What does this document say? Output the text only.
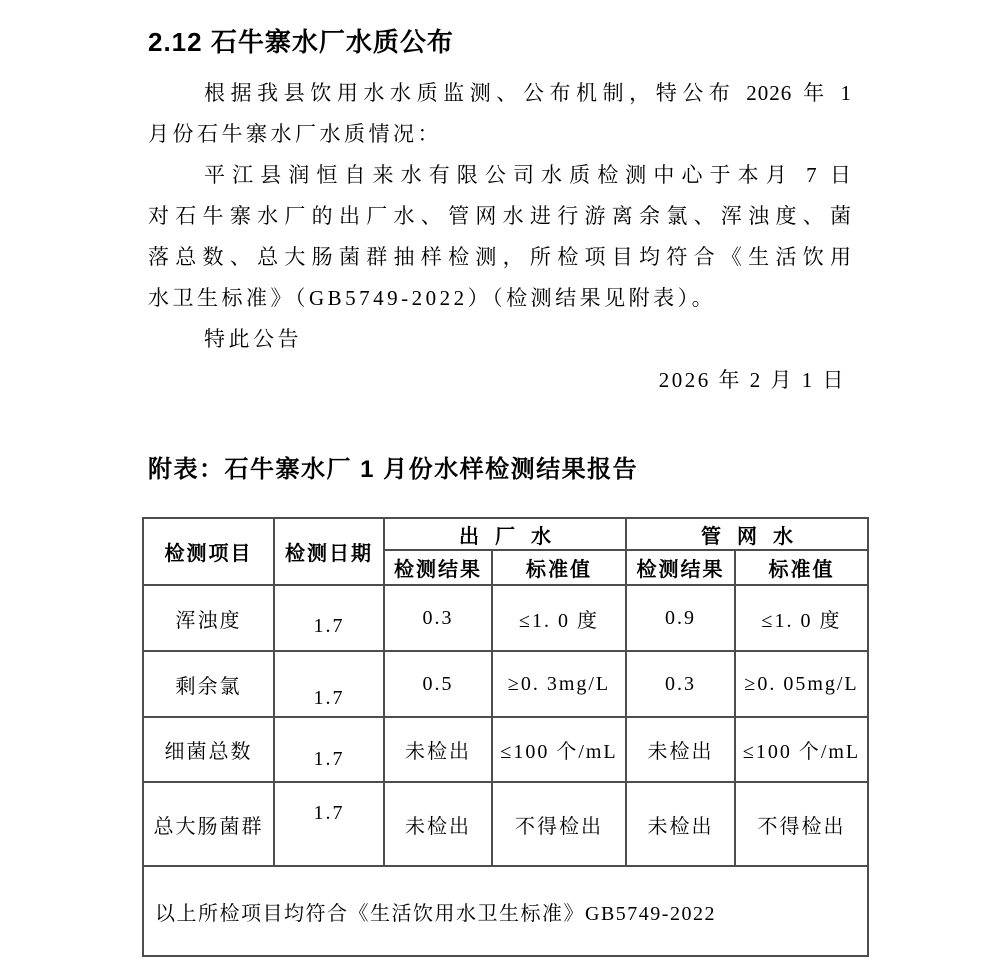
2.12 石牛寨水厂水质公布
根据我县饮用水水质监测、公布机制，特公布 2026 年 1
月份石牛寨水厂水质情况：
平江县润恒自来水有限公司水质检测中心于本月 7 日
对石牛寨水厂的出厂水、管网水进行游离余氯、浑浊度、菌
落总数、总大肠菌群抽样检测，所检项目均符合《生活饮用
水卫生标准》（GB5749-2022）（检测结果见附表）。
特此公告
2026 年 2 月 1 日
附表：石牛寨水厂 1 月份水样检测结果报告
检测项目	检测日期	出厂水		管网水	
		检测结果	标准值	检测结果	标准值
浑浊度	1.7	0.3	≤1. 0 度	0.9	≤1. 0 度
剩余氯	1.7	0.5	≥0. 3mg/L	0.3	≥0. 05mg/L
细菌总数	1.7	未检出	≤100 个/mL	未检出	≤100 个/mL
总大肠菌群	1.7	未检出	不得检出	未检出	不得检出
以上所检项目均符合《生活饮用水卫生标准》GB5749-2022					
